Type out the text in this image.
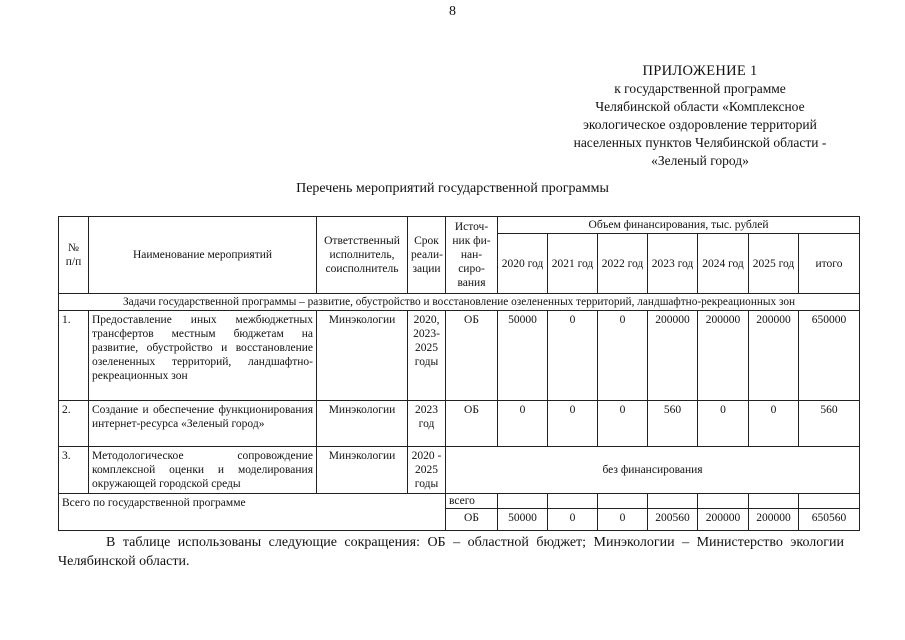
8
ПРИЛОЖЕНИЕ 1
к государственной программе
Челябинской области «Комплексное
экологическое оздоровление территорий
населенных пунктов Челябинской области -
«Зеленый город»
Перечень мероприятий государственной программы
№ п/п	Наименование мероприятий	Ответственный исполнитель, соисполнитель	Срок реали-зации	Источ-ник фи-нан-сиро-вания	Объем финансирования, тыс. рублей						
					2020 год	2021 год	2022 год	2023 год	2024 год	2025 год	итого
Задачи государственной программы – развитие, обустройство и восстановление озелененных территорий, ландшафтно-рекреационных зон											
1.	Предоставление иных межбюджетных трансфертов местным бюджетам на развитие, обустройство и восстановление озелененных территорий, ландшафтно-рекреационных зон	Минэкологии	2020, 2023-2025 годы	ОБ	50000	0	0	200000	200000	200000	650000
2.	Создание и обеспечение функционирования интернет-ресурса «Зеленый город»	Минэкологии	2023 год	ОБ	0	0	0	560	0	0	560
3.	Методологическое сопровождение комплексной оценки и моделирования окружающей городской среды	Минэкологии	2020 - 2025 годы	без финансирования							
Всего по государственной программе				всего							
				ОБ	50000	0	0	200560	200000	200000	650560
В таблице использованы следующие сокращения: ОБ – областной бюджет; Минэкологии – Министерство экологии Челябинской области.
